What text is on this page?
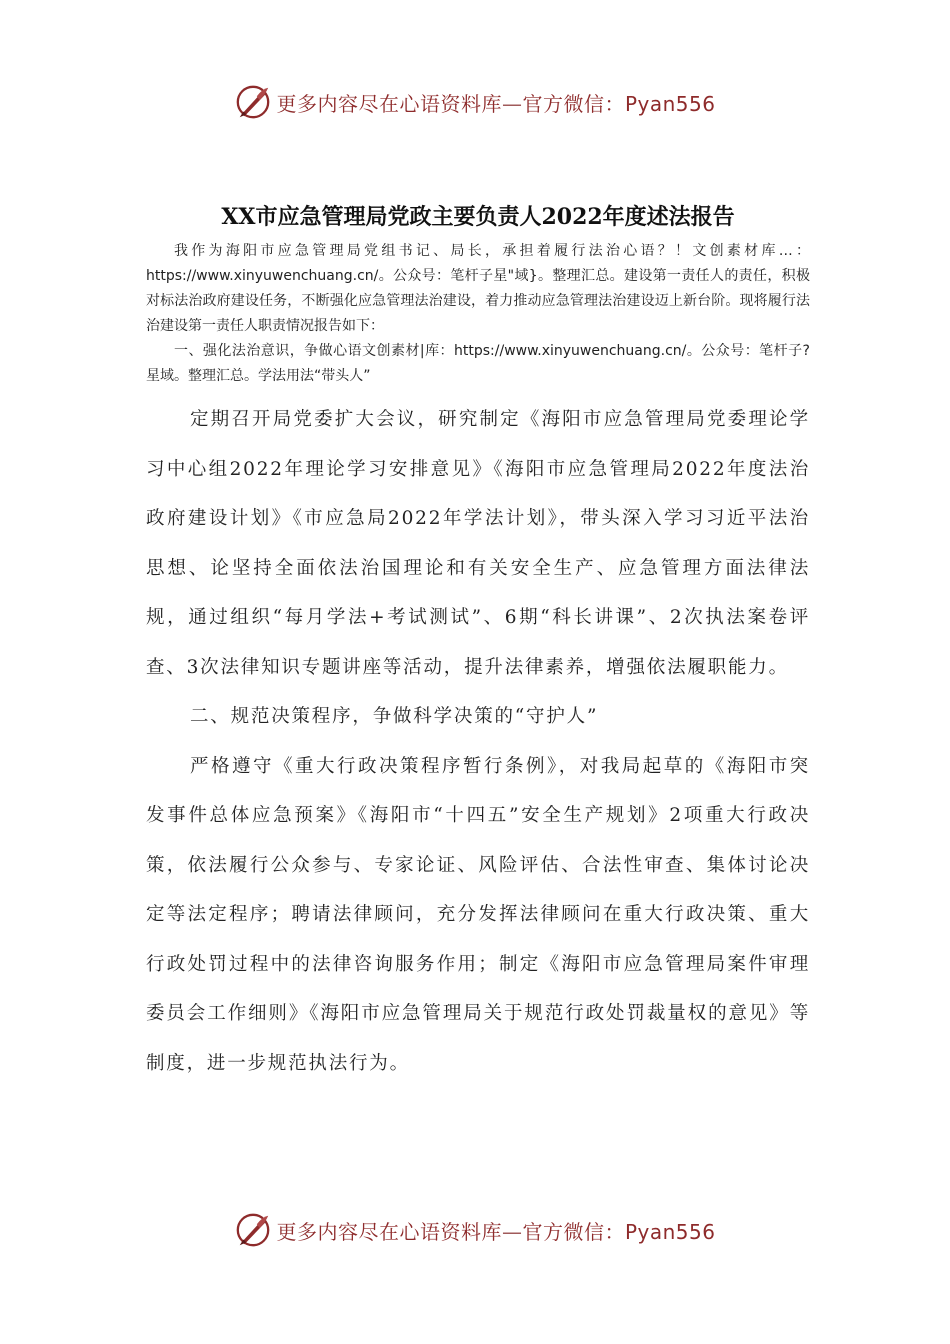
更多内容尽在心语资料库—官方微信：Pyan556
XX市应急管理局党政主要负责人2022年度述法报告

我作为海阳市应急管理局党组书记、局长，承担着履行法治心语？！文创素材库…：https://www.xinyuwenchuang.cn/。公众号：笔杆子星"域}。整理汇总。建设第一责任人的责任，积极对标法治政府建设任务，不断强化应急管理法治建设，着力推动应急管理法治建设迈上新台阶。现将履行法治建设第一责任人职责情况报告如下：

一、强化法治意识，争做心语文创素材|库：https://www.xinyuwenchuang.cn/。公众号：笔杆子?星域。整理汇总。学法用法“带头人”

定期召开局党委扩大会议，研究制定《海阳市应急管理局党委理论学习中心组2022年理论学习安排意见》《海阳市应急管理局2022年度法治政府建设计划》《市应急局2022年学法计划》，带头深入学习习近平法治思想、论坚持全面依法治国理论和有关安全生产、应急管理方面法律法规，通过组织“每月学法+考试测试”、6期“科长讲课”、2次执法案卷评查、3次法律知识专题讲座等活动，提升法律素养，增强依法履职能力。

二、规范决策程序，争做科学决策的“守护人”

严格遵守《重大行政决策程序暂行条例》，对我局起草的《海阳市突发事件总体应急预案》《海阳市“十四五”安全生产规划》2项重大行政决策，依法履行公众参与、专家论证、风险评估、合法性审查、集体讨论决定等法定程序；聘请法律顾问，充分发挥法律顾问在重大行政决策、重大行政处罚过程中的法律咨询服务作用；制定《海阳市应急管理局案件审理委员会工作细则》《海阳市应急管理局关于规范行政处罚裁量权的意见》等制度，进一步规范执法行为。

更多内容尽在心语资料库—官方微信：Pyan556
